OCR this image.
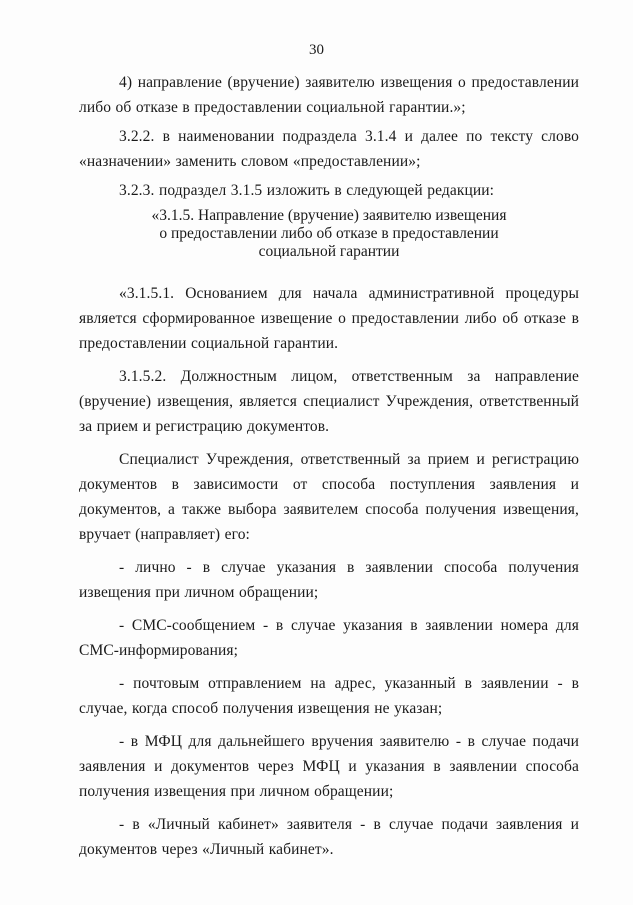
30

4) направление (вручение) заявителю извещения о предоставлении либо об отказе в предоставлении социальной гарантии.»;

3.2.2. в наименовании подраздела 3.1.4 и далее по тексту слово «назначении» заменить словом «предоставлении»;

3.2.3. подраздел 3.1.5 изложить в следующей редакции:

«3.1.5. Направление (вручение) заявителю извещения
о предоставлении либо об отказе в предоставлении
социальной гарантии

«3.1.5.1. Основанием для начала административной процедуры является сформированное извещение о предоставлении либо об отказе в предоставлении социальной гарантии.

3.1.5.2. Должностным лицом, ответственным за направление (вручение) извещения, является специалист Учреждения, ответственный за прием и регистрацию документов.

Специалист Учреждения, ответственный за прием и регистрацию документов в зависимости от способа поступления заявления и документов, а также выбора заявителем способа получения извещения, вручает (направляет) его:

- лично - в случае указания в заявлении способа получения извещения при личном обращении;

- СМС-сообщением - в случае указания в заявлении номера для СМС-информирования;

- почтовым отправлением на адрес, указанный в заявлении - в случае, когда способ получения извещения не указан;

- в МФЦ для дальнейшего вручения заявителю - в случае подачи заявления и документов через МФЦ и указания в заявлении способа получения извещения при личном обращении;

- в «Личный кабинет» заявителя - в случае подачи заявления и документов через «Личный кабинет».
